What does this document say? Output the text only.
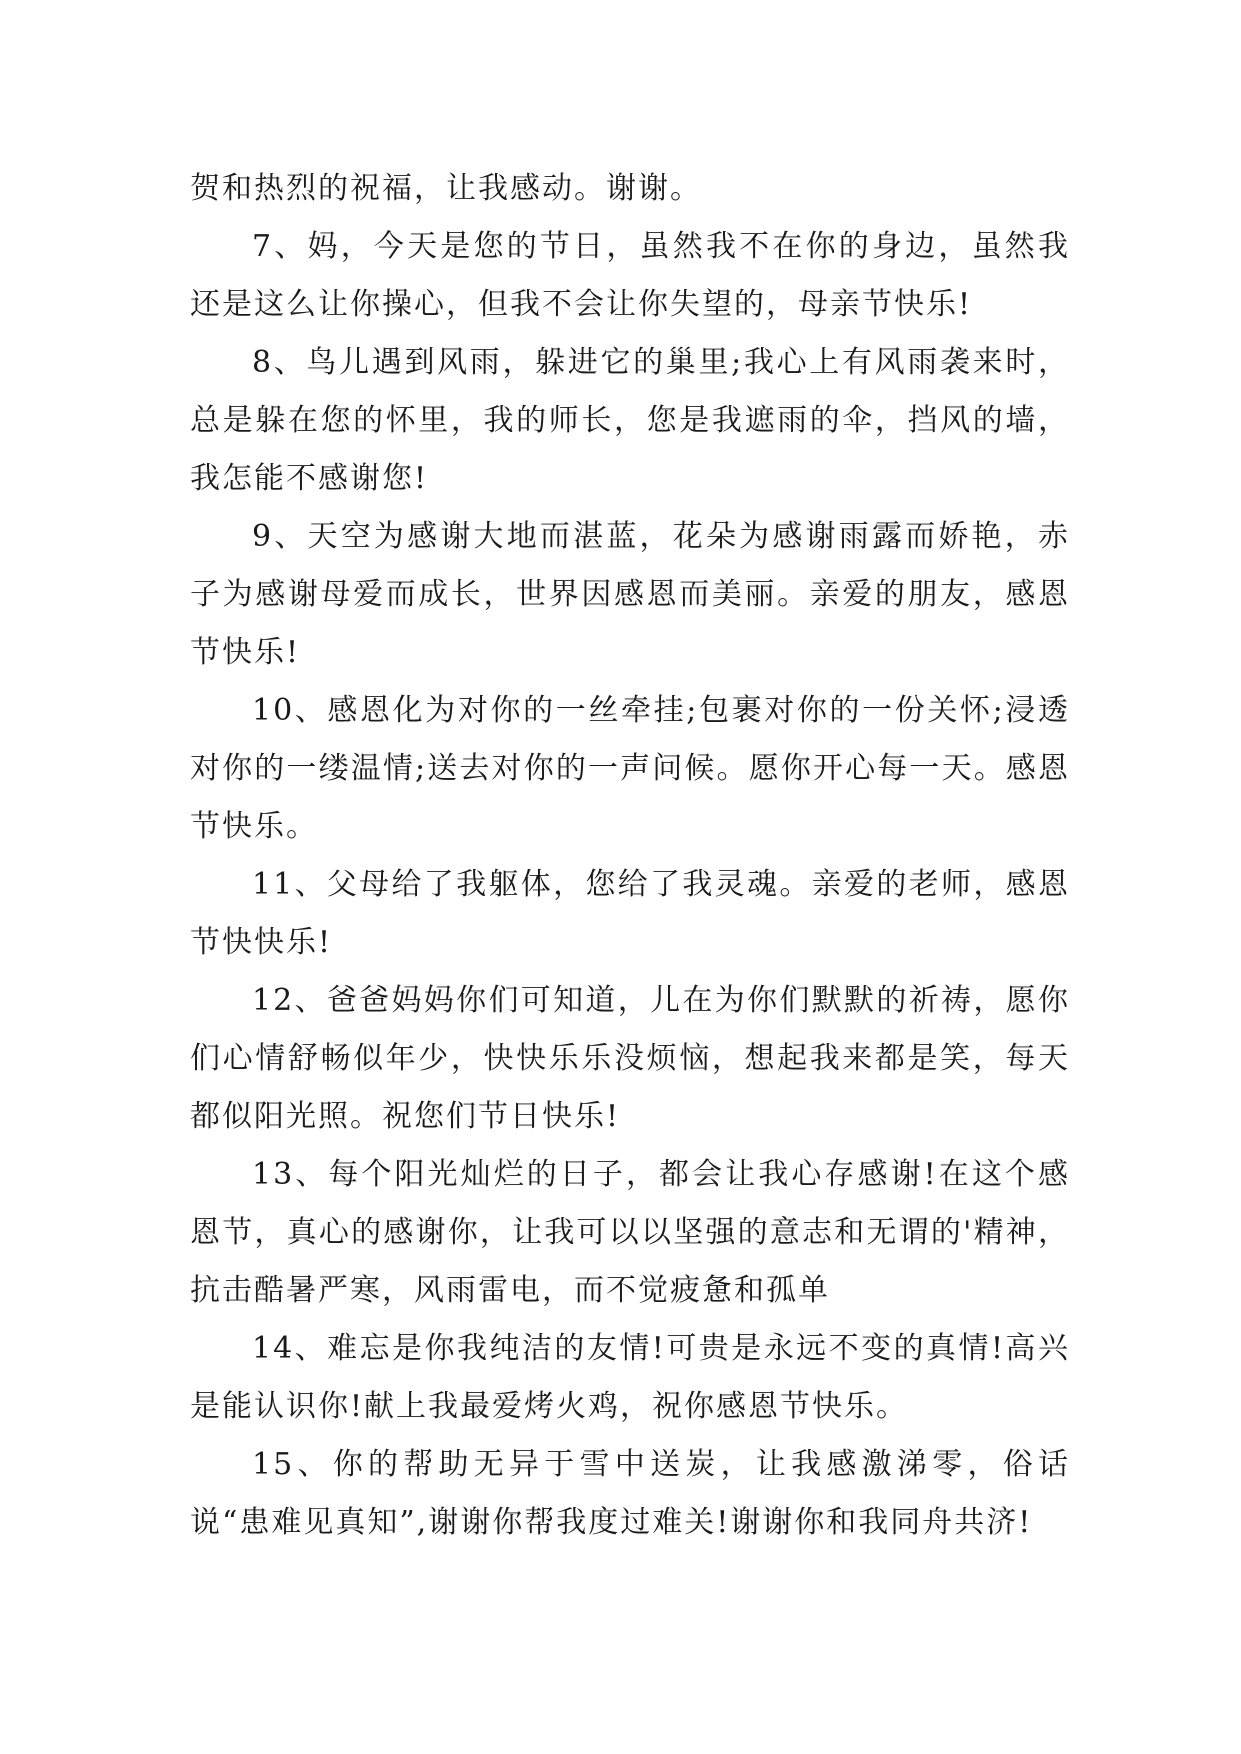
贺和热烈的祝福，让我感动。谢谢。

7、妈，今天是您的节日，虽然我不在你的身边，虽然我还是这么让你操心，但我不会让你失望的，母亲节快乐!

8、鸟儿遇到风雨，躲进它的巢里;我心上有风雨袭来时，总是躲在您的怀里，我的师长，您是我遮雨的伞，挡风的墙，我怎能不感谢您!

9、天空为感谢大地而湛蓝，花朵为感谢雨露而娇艳，赤子为感谢母爱而成长，世界因感恩而美丽。亲爱的朋友，感恩节快乐!

10、感恩化为对你的一丝牵挂;包裹对你的一份关怀;浸透对你的一缕温情;送去对你的一声问候。愿你开心每一天。感恩节快乐。

11、父母给了我躯体，您给了我灵魂。亲爱的老师，感恩节快快乐!

12、爸爸妈妈你们可知道，儿在为你们默默的祈祷，愿你们心情舒畅似年少，快快乐乐没烦恼，想起我来都是笑，每天都似阳光照。祝您们节日快乐!

13、每个阳光灿烂的日子，都会让我心存感谢!在这个感恩节，真心的感谢你，让我可以以坚强的意志和无谓的'精神，抗击酷暑严寒，风雨雷电，而不觉疲惫和孤单

14、难忘是你我纯洁的友情!可贵是永远不变的真情!高兴是能认识你!献上我最爱烤火鸡，祝你感恩节快乐。

15、你的帮助无异于雪中送炭，让我感激涕零，俗话说“患难见真知”,谢谢你帮我度过难关!谢谢你和我同舟共济!
